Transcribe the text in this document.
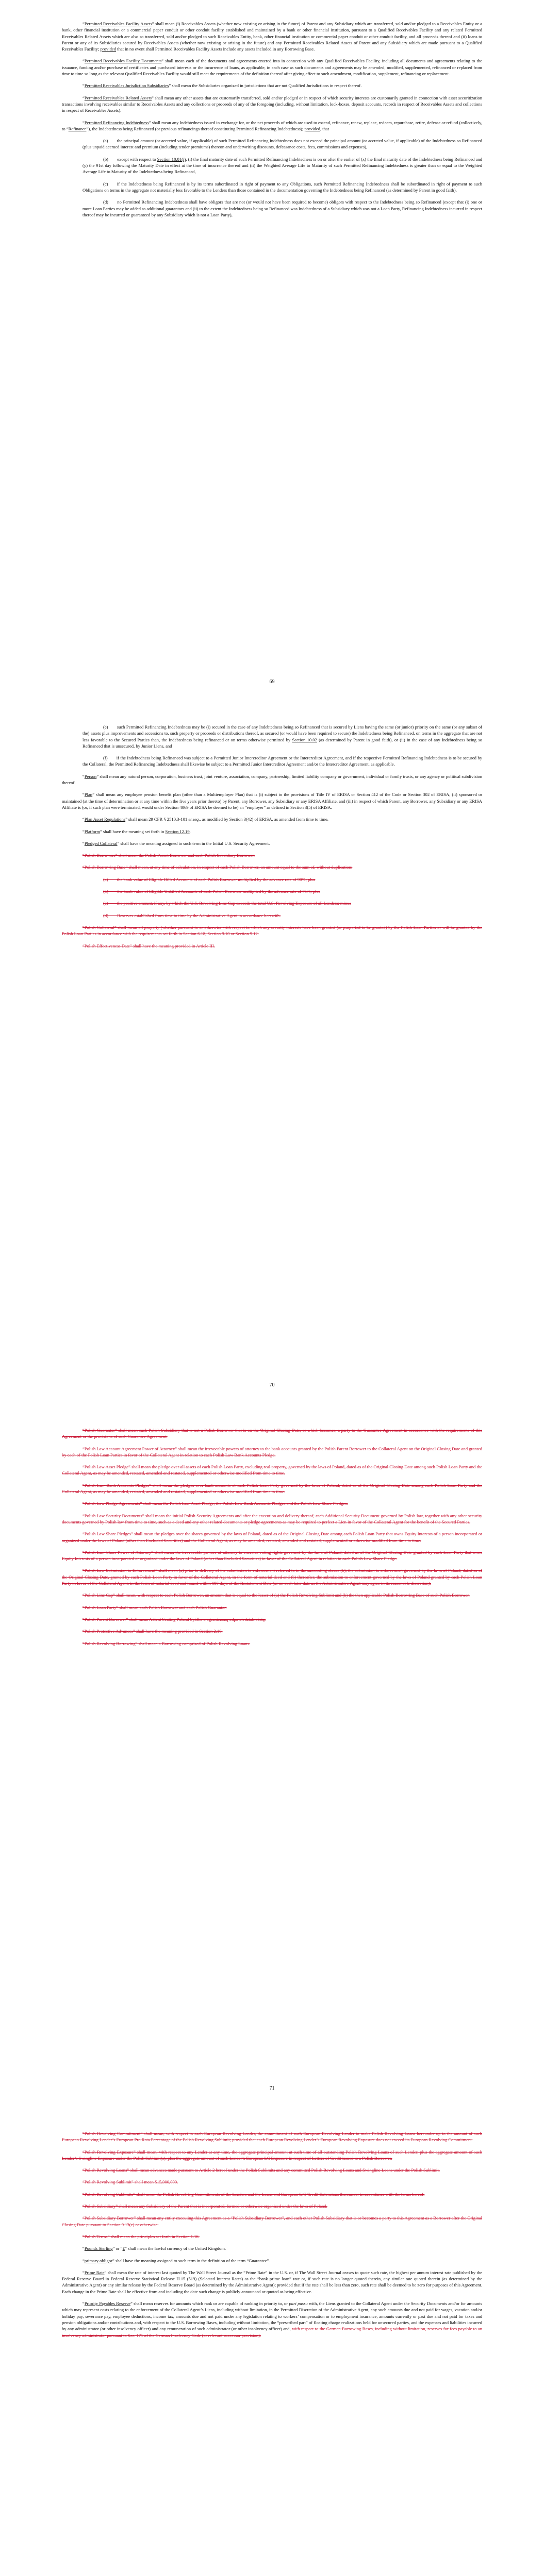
“Permitted Receivables Facility Assets” shall mean (i) Receivables Assets (whether now existing or arising in the future) of Parent and any Subsidiary which are transferred, sold and/or pledged to a Receivables Entity or a bank, other financial institution or a commercial paper conduit or other conduit facility established and maintained by a bank or other financial institution, pursuant to a Qualified Receivables Facility and any related Permitted Receivables Related Assets which are also so transferred, sold and/or pledged to such Receivables Entity, bank, other financial institution or commercial paper conduit or other conduit facility, and all proceeds thereof and (ii) loans to Parent or any of its Subsidiaries secured by Receivables Assets (whether now existing or arising in the future) and any Permitted Receivables Related Assets of Parent and any Subsidiary which are made pursuant to a Qualified Receivables Facility; provided that in no event shall Permitted Receivables Facility Assets include any assets included in any Borrowing Base.

“Permitted Receivables Facility Documents” shall mean each of the documents and agreements entered into in connection with any Qualified Receivables Facility, including all documents and agreements relating to the issuance, funding and/or purchase of certificates and purchased interests or the incurrence of loans, as applicable, in each case as such documents and agreements may be amended, modified, supplemented, refinanced or replaced from time to time so long as the relevant Qualified Receivables Facility would still meet the requirements of the definition thereof after giving effect to such amendment, modification, supplement, refinancing or replacement.

“Permitted Receivables Jurisdiction Subsidiaries” shall mean the Subsidiaries organized in jurisdictions that are not Qualified Jurisdictions in respect thereof.

“Permitted Receivables Related Assets” shall mean any other assets that are customarily transferred, sold and/or pledged or in respect of which security interests are customarily granted in connection with asset securitization transactions involving receivables similar to Receivables Assets and any collections or proceeds of any of the foregoing (including, without limitation, lock-boxes, deposit accounts, records in respect of Receivables Assets and collections in respect of Receivables Assets).

“Permitted Refinancing Indebtedness” shall mean any Indebtedness issued in exchange for, or the net proceeds of which are used to extend, refinance, renew, replace, redeem, repurchase, retire, defease or refund (collectively, to “Refinance”), the Indebtedness being Refinanced (or previous refinancings thereof constituting Permitted Refinancing Indebtedness); provided, that

(a)  the principal amount (or accreted value, if applicable) of such Permitted Refinancing Indebtedness does not exceed the principal amount (or accreted value, if applicable) of the Indebtedness so Refinanced (plus unpaid accrued interest and premium (including tender premiums) thereon and underwriting discounts, defeasance costs, fees, commissions and expenses),

(b)  except with respect to Section 10.01(i), (i) the final maturity date of such Permitted Refinancing Indebtedness is on or after the earlier of (x) the final maturity date of the Indebtedness being Refinanced and (y) the 91st day following the Maturity Date in effect at the time of incurrence thereof and (ii) the Weighted Average Life to Maturity of such Permitted Refinancing Indebtedness is greater than or equal to the Weighted Average Life to Maturity of the Indebtedness being Refinanced,

(c)  if the Indebtedness being Refinanced is by its terms subordinated in right of payment to any Obligations, such Permitted Refinancing Indebtedness shall be subordinated in right of payment to such Obligations on terms in the aggregate not materially less favorable to the Lenders than those contained in the documentation governing the Indebtedness being Refinanced (as determined by Parent in good faith),

(d)  no Permitted Refinancing Indebtedness shall have obligors that are not (or would not have been required to become) obligors with respect to the Indebtedness being so Refinanced (except that (i) one or more Loan Parties may be added as additional guarantors and (ii) to the extent the Indebtedness being so Refinanced was Indebtedness of a Subsidiary which was not a Loan Party, Refinancing Indebtedness incurred in respect thereof may be incurred or guaranteed by any Subsidiary which is not a Loan Party),

69

(e)  such Permitted Refinancing Indebtedness may be (i) secured in the case of any Indebtedness being so Refinanced that is secured by Liens having the same (or junior) priority on the same (or any subset of the) assets plus improvements and accessions to, such property or proceeds or distributions thereof, as secured (or would have been required to secure) the Indebtedness being Refinanced, on terms in the aggregate that are not less favorable to the Secured Parties than, the Indebtedness being refinanced or on terms otherwise permitted by Section 10.02 (as determined by Parent in good faith), or (ii) in the case of any Indebtedness being so Refinanced that is unsecured, by Junior Liens, and

(f)  if the Indebtedness being Refinanced was subject to a Permitted Junior Intercreditor Agreement or the Intercreditor Agreement, and if the respective Permitted Refinancing Indebtedness is to be secured by the Collateral, the Permitted Refinancing Indebtedness shall likewise be subject to a Permitted Junior Intercreditor Agreement and/or the Intercreditor Agreement, as applicable.

“Person” shall mean any natural person, corporation, business trust, joint venture, association, company, partnership, limited liability company or government, individual or family trusts, or any agency or political subdivision thereof.

“Plan” shall mean any employee pension benefit plan (other than a Multiemployer Plan) that is (i) subject to the provisions of Title IV of ERISA or Section 412 of the Code or Section 302 of ERISA, (ii) sponsored or maintained (at the time of determination or at any time within the five years prior thereto) by Parent, any Borrower, any Subsidiary or any ERISA Affiliate, and (iii) in respect of which Parent, any Borrower, any Subsidiary or any ERISA Affiliate is (or, if such plan were terminated, would under Section 4069 of ERISA be deemed to be) an “employer” as defined in Section 3(5) of ERISA.

“Plan Asset Regulations” shall mean 29 CFR § 2510.3-101 et seq., as modified by Section 3(42) of ERISA, as amended from time to time.

“Platform” shall have the meaning set forth in Section 12.19.

“Pledged Collateral” shall have the meaning assigned to such term in the Initial U.S. Security Agreement.

“Polish Borrowers” shall mean the Polish Parent Borrower and each Polish Subsidiary Borrower.

“Polish Borrowing Base” shall mean, at any time of calculation, in respect of each Polish Borrower, an amount equal to the sum of, without duplication:

(a)  the book value of Eligible Billed Accounts of each Polish Borrower multiplied by the advance rate of 90%; plus

(b)  the book value of Eligible Unbilled Accounts of each Polish Borrower multiplied by the advance rate of 75%; plus

(c)  the positive amount, if any, by which the U.S. Revolving Line Cap exceeds the total U.S. Revolving Exposure of all Lenders; minus

(d)  Reserves established from time to time by the Administrative Agent in accordance herewith.

“Polish Collateral” shall mean all property (whether pursuant to or otherwise with respect to which any security interests have been granted (or purported to be granted) by the Polish Loan Parties or will be granted by the Polish Loan Parties in accordance with the requirements set forth in Section 6.18, Section 9.10 or Section 9.12.

“Polish Effectiveness Date” shall have the meaning provided in Article III.

70

“Polish Guarantor” shall mean each Polish Subsidiary that is not a Polish Borrower that is on the Original Closing Date, or which becomes, a party to the Guarantee Agreement in accordance with the requirements of this Agreement or the provisions of such Guarantee Agreement.

“Polish Law Account Agreement Power of Attorney” shall mean the irrevocable powers of attorney to the bank accounts granted by the Polish Parent Borrower to the Collateral Agent on the Original Closing Date and granted by each of the Polish Loan Parties in favor of the Collateral Agent in relation to each Polish Law Bank Accounts Pledge.

“Polish Law Asset Pledge” shall mean the pledge over all assets of each Polish Loan Party, excluding real property, governed by the laws of Poland, dated as of the Original Closing Date among such Polish Loan Party and the Collateral Agent, as may be amended, restated, amended and restated, supplemented or otherwise modified from time to time.

“Polish Law Bank Accounts Pledges” shall mean the pledges over bank accounts of each Polish Loan Party governed by the laws of Poland, dated as of the Original Closing Date among each Polish Loan Party and the Collateral Agent, as may be amended, restated, amended and restated, supplemented or otherwise modified from time to time.

“Polish Law Pledge Agreements” shall mean the Polish Law Asset Pledge, the Polish Law Bank Accounts Pledges and the Polish Law Share Pledges.

“Polish Law Security Documents” shall mean the initial Polish Security Agreements and after the execution and delivery thereof, each Additional Security Document governed by Polish law, together with any other security documents governed by Polish law from time to time, such as a deed and any other related documents or pledge agreements as may be required to perfect a Lien in favor of the Collateral Agent for the benefit of the Secured Parties.

“Polish Law Share Pledges” shall mean the pledges over the shares governed by the laws of Poland, dated as of the Original Closing Date among each Polish Loan Party that owns Equity Interests of a person incorporated or organized under the laws of Poland (other than Excluded Securities) and the Collateral Agent, as may be amended, restated, amended and restated, supplemented or otherwise modified from time to time.

“Polish Law Share Power of Attorney” shall mean the irrevocable powers of attorney to exercise voting rights governed by the laws of Poland, dated as of the Original Closing Date granted by each Loan Party that owns Equity Interests of a person incorporated or organized under the laws of Poland (other than Excluded Securities) in favor of the Collateral Agent in relation to each Polish Law Share Pledge.

“Polish Law Submission to Enforcement” shall mean (a) prior to delivery of the submission to enforcement referred to in the succeeding clause (b), the submission to enforcement governed by the laws of Poland, dated as of the Original Closing Date, granted by each Polish Loan Party in favor of the Collateral Agent, in the form of notarial deed and (b) thereafter, the submission to enforcement governed by the laws of Poland granted by each Polish Loan Party in favor of the Collateral Agent, in the form of notarial deed and issued within 180 days of the Restatement Date (or on such later date as the Administrative Agent may agree in its reasonable discretion).

“Polish Line Cap” shall mean, with respect to each Polish Borrower, an amount that is equal to the lesser of (a) the Polish Revolving Sublimit and (b) the then applicable Polish Borrowing Base of such Polish Borrower.

“Polish Loan Party” shall mean each Polish Borrower and each Polish Guarantor.

“Polish Parent Borrower” shall mean Adient Seating Poland Spółka z ograniczoną odpowiedzialnością.

“Polish Protective Advances” shall have the meaning provided in Section 2.16.

“Polish Revolving Borrowing” shall mean a Borrowing comprised of Polish Revolving Loans.

71

“Polish Revolving Commitment” shall mean, with respect to each European Revolving Lender, the commitment of such European Revolving Lender to make Polish Revolving Loans hereunder up to the amount of such European Revolving Lender’s European Pro Rata Percentage of the Polish Revolving Sublimit; provided that each European Revolving Lender’s European Revolving Exposure does not exceed its European Revolving Commitment.

“Polish Revolving Exposure” shall mean, with respect to any Lender at any time, the aggregate principal amount at such time of all outstanding Polish Revolving Loans of such Lender, plus the aggregate amount of such Lender’s Swingline Exposure under the Polish Sublimit(s), plus the aggregate amount of such Lender’s European LC Exposure in respect of Letters of Credit issued to a Polish Borrower.

“Polish Revolving Loans” shall mean advances made pursuant to Article 2 hereof under the Polish Sublimits and any committed Polish Revolving Loans and Swingline Loans under the Polish Sublimit.

“Polish Revolving Sublimit” shall mean $15,000,000.

“Polish Revolving Sublimits” shall mean the Polish Revolving Commitments of the Lenders and the Loans and European L/C Credit Extensions thereunder in accordance with the terms hereof.

“Polish Subsidiary” shall mean any Subsidiary of the Parent that is incorporated, formed or otherwise organized under the laws of Poland.

“Polish Subsidiary Borrower” shall mean any entity executing this Agreement as a “Polish Subsidiary Borrower”, and each other Polish Subsidiary that is or becomes a party to this Agreement as a Borrower after the Original Closing Date pursuant to Section 9.13(c) or otherwise.

“Polish Terms” shall mean the principles set forth in Section 1.16.

“Pounds Sterling” or “£” shall mean the lawful currency of the United Kingdom.

“primary obligor” shall have the meaning assigned to such term in the definition of the term “Guarantee”.

“Prime Rate” shall mean the rate of interest last quoted by The Wall Street Journal as the “Prime Rate” in the U.S. or, if The Wall Street Journal ceases to quote such rate, the highest per annum interest rate published by the Federal Reserve Board in Federal Reserve Statistical Release H.15 (519) (Selected Interest Rates) as the “bank prime loan” rate or, if such rate is no longer quoted therein, any similar rate quoted therein (as determined by the Administrative Agent) or any similar release by the Federal Reserve Board (as determined by the Administrative Agent); provided that if the rate shall be less than zero, such rate shall be deemed to be zero for purposes of this Agreement. Each change in the Prime Rate shall be effective from and including the date such change is publicly announced or quoted as being effective.

“Priority Payables Reserve” shall mean reserves for amounts which rank or are capable of ranking in priority to, or pari passu with, the Liens granted to the Collateral Agent under the Security Documents and/or for amounts which may represent costs relating to the enforcement of the Collateral Agent’s Liens, including without limitation, in the Permitted Discretion of the Administrative Agent, any such amounts due and not paid for wages, vacation and/or holiday pay, severance pay, employee deductions, income tax, amounts due and not paid under any legislation relating to workers’ compensation or to employment insurance, amounts currently or past due and not paid for taxes and pension obligations and/or contributions and, with respect to the U.S. Borrowing Bases, including without limitation, the “prescribed part” of floating charge realizations held for unsecured parties, and the expenses and liabilities incurred by any administrator (or other insolvency officer) and any remuneration of such administrator (or other insolvency officer) and, with respect to the German Borrowing Bases, including without limitation, reserves for fees payable to an insolvency administrator pursuant to Sec. 171 of the German Insolvency Code (or relevant successor provision).
